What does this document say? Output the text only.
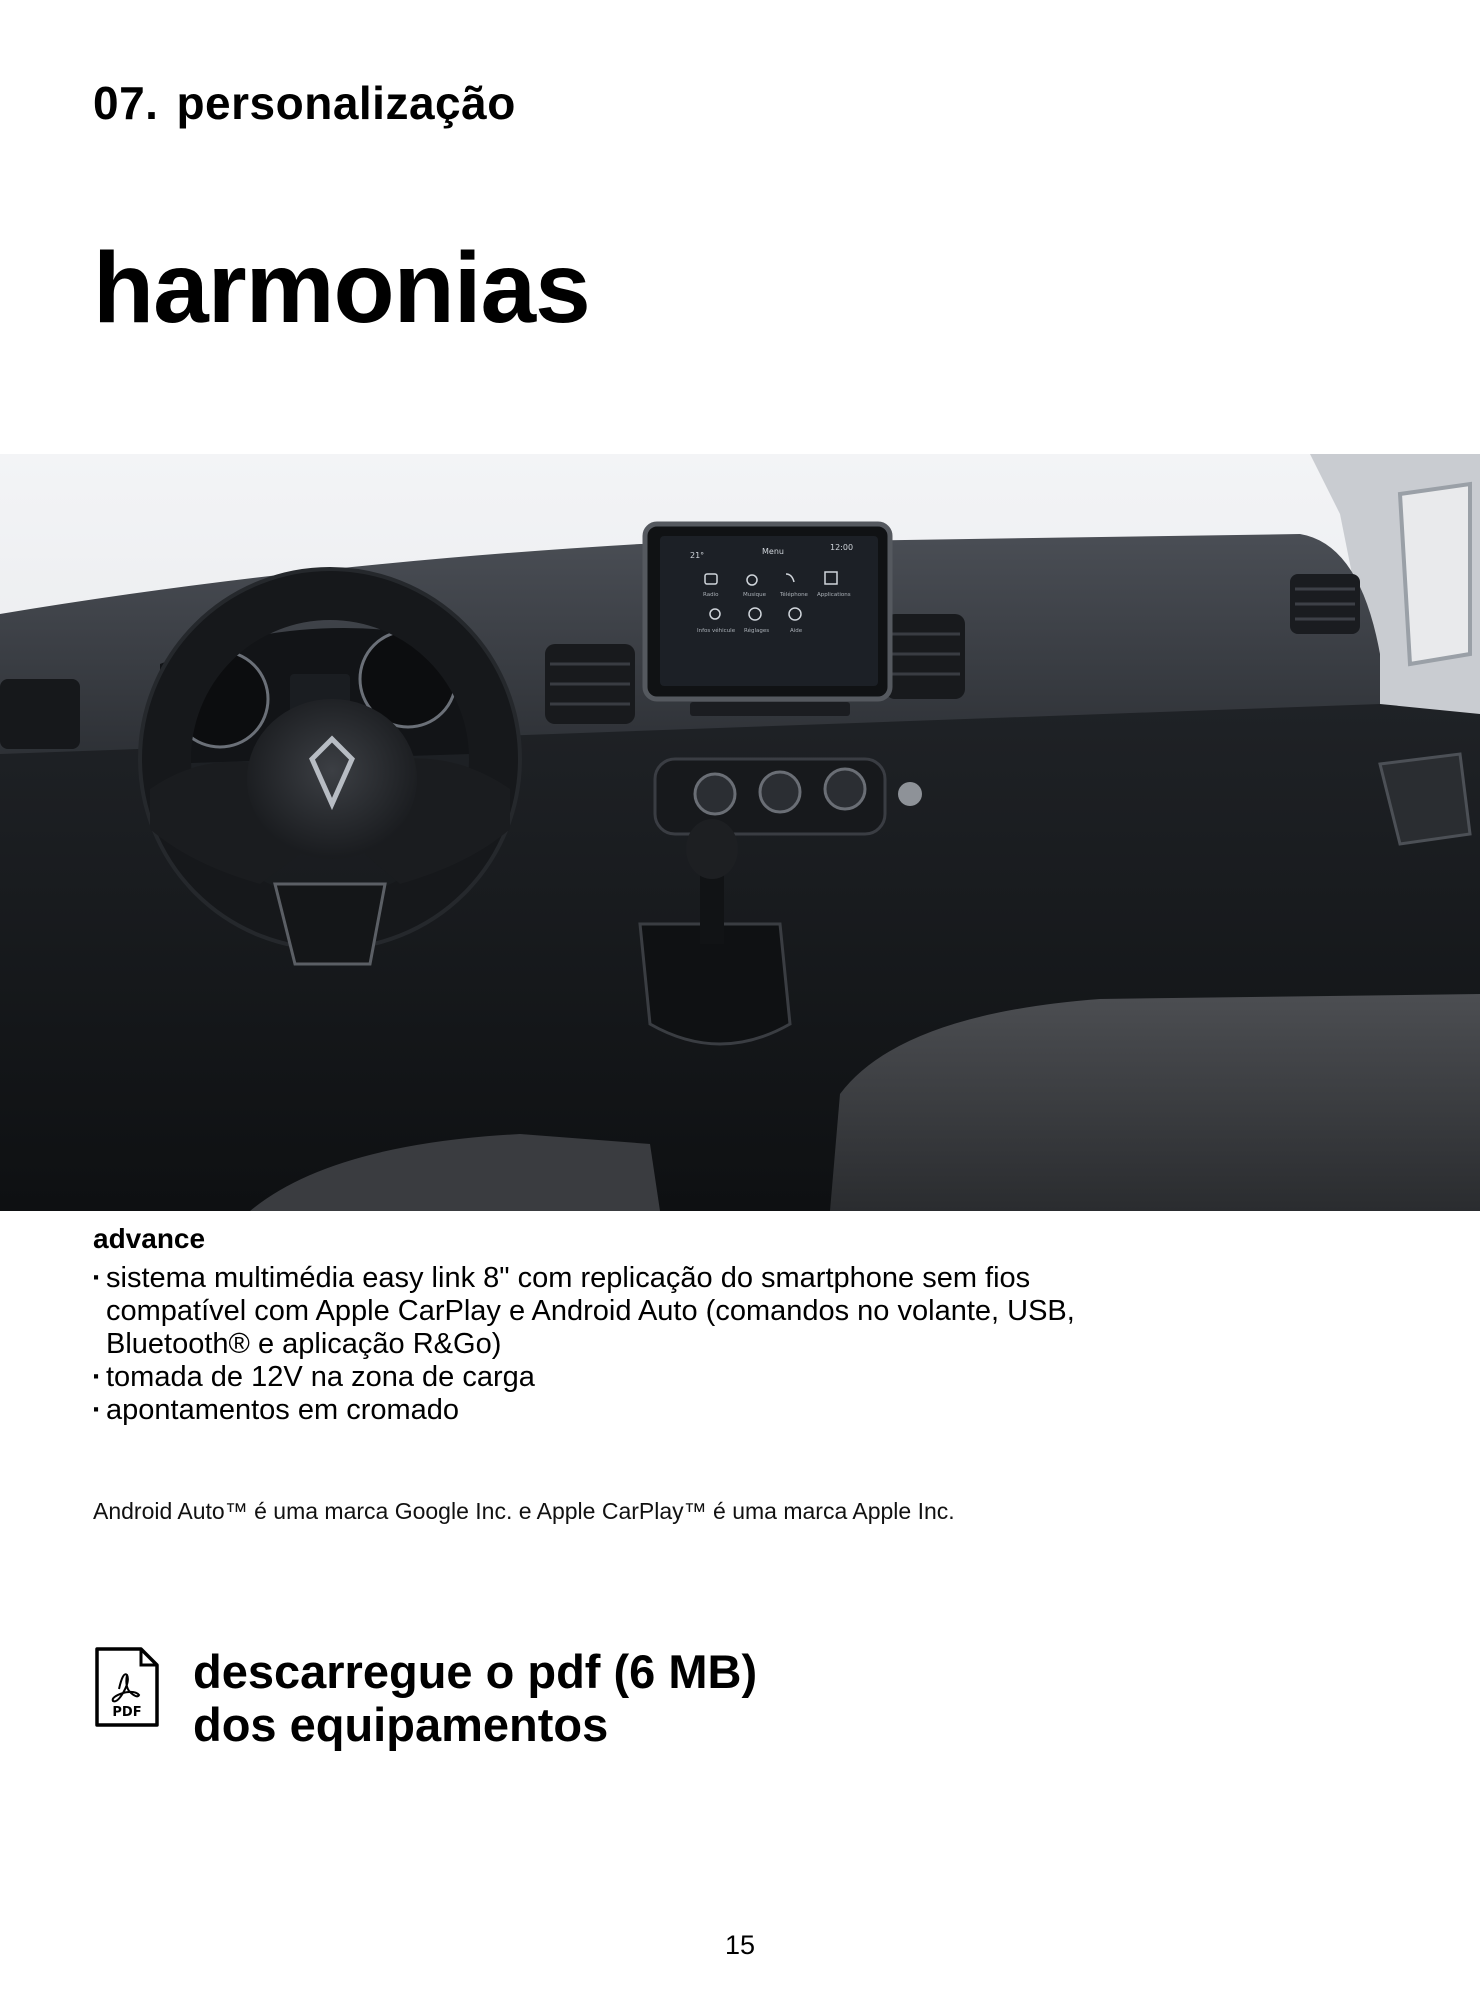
07. personalização
harmonias
21°	Menu	12:00
Radio	Musique	Téléphone Applications
Infos véhicule Réglages	Aide

advance

· sistema multimédia easy link 8" com replicação do smartphone sem fios
compatível com Apple CarPlay e Android Auto (comandos no volante, USB,
Bluetooth® e aplicação R&Go)
· tomada de 12V na zona de carga
· apontamentos em cromado

Android Auto™ é uma marca Google Inc. e Apple CarPlay™ é uma marca Apple Inc.

PDF
descarregue o pdf (6 MB)
dos equipamentos

15
